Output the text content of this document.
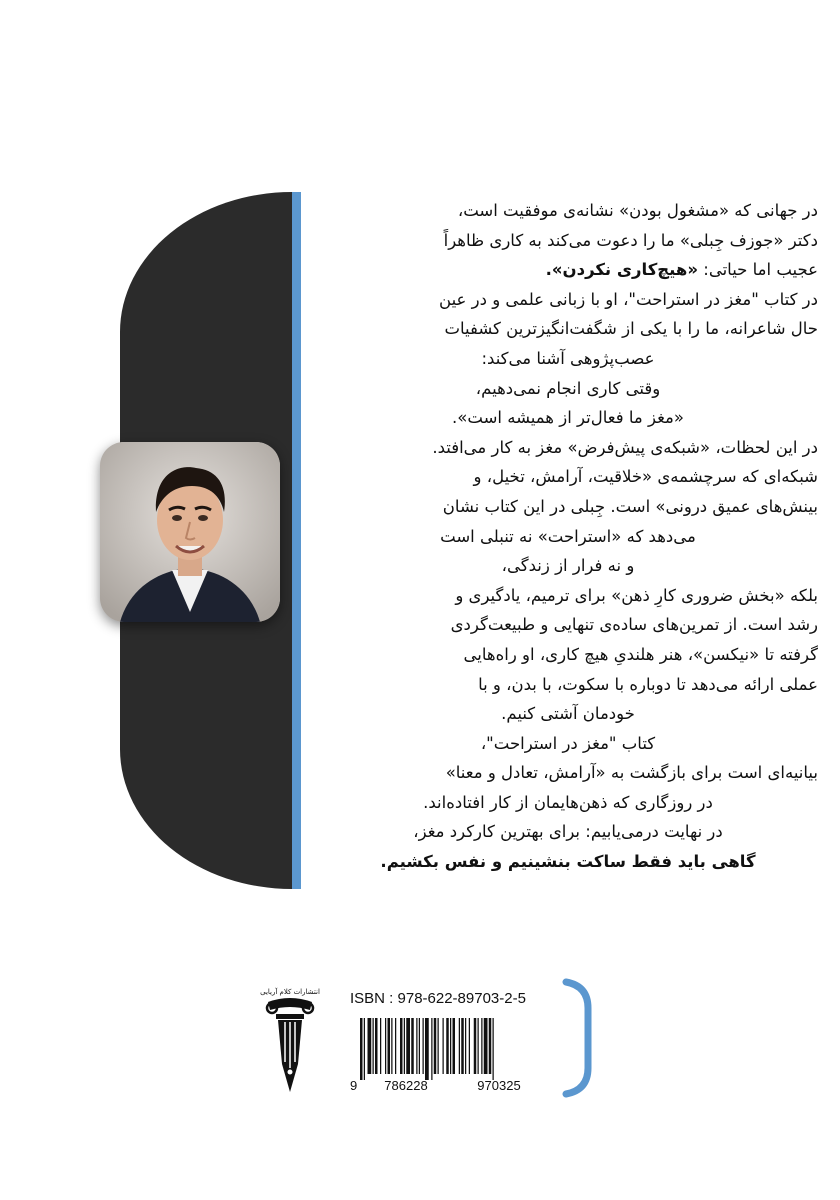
در جهانی که «مشغول بودن» نشانه‌ی موفقیت است،
دکتر «جوزف جِبلی» ما را دعوت می‌کند به کاری ظاهراً
عجیب اما حیاتی: «هیچ‌کاری نکردن».
در کتاب "مغز در استراحت"، او با زبانی علمی و در عین
حال شاعرانه، ما را با یکی از شگفت‌انگیزترین کشفیات
عصب‌پژوهی آشنا می‌کند:
وقتی کاری انجام نمی‌دهیم،
«مغز ما فعال‌تر از همیشه است».
در این لحظات، «شبکه‌ی پیش‌فرض» مغز به کار می‌افتد.
شبکه‌ای که سرچشمه‌ی «خلاقیت، آرامش، تخیل، و
بینش‌های عمیق درونی» است. جِبلی در این کتاب نشان
می‌دهد که «استراحت» نه تنبلی است
و نه فرار از زندگی،
بلکه «بخش ضروری کارِ ذهن» برای ترمیم، یادگیری و
رشد است. از تمرین‌های ساده‌ی تنهایی و طبیعت‌گردی
گرفته تا «نیکسن»، هنر هلندیِ هیچ کاری، او راه‌هایی
عملی ارائه می‌دهد تا دوباره با سکوت، با بدن، و با
خودمان آشتی کنیم.
کتاب "مغز در استراحت"،
بیانیه‌ای است برای بازگشت به «آرامش، تعادل و معنا»
در روزگاری که ذهن‌هایمان از کار افتاده‌اند.
در نهایت درمی‌یابیم: برای بهترین کارکرد مغز،
گاهی باید فقط ساکت بنشینیم و نفس بکشیم.
انتشارات کلام آریایی ISBN : 978-622-89703-2-5
9 786228	970325
